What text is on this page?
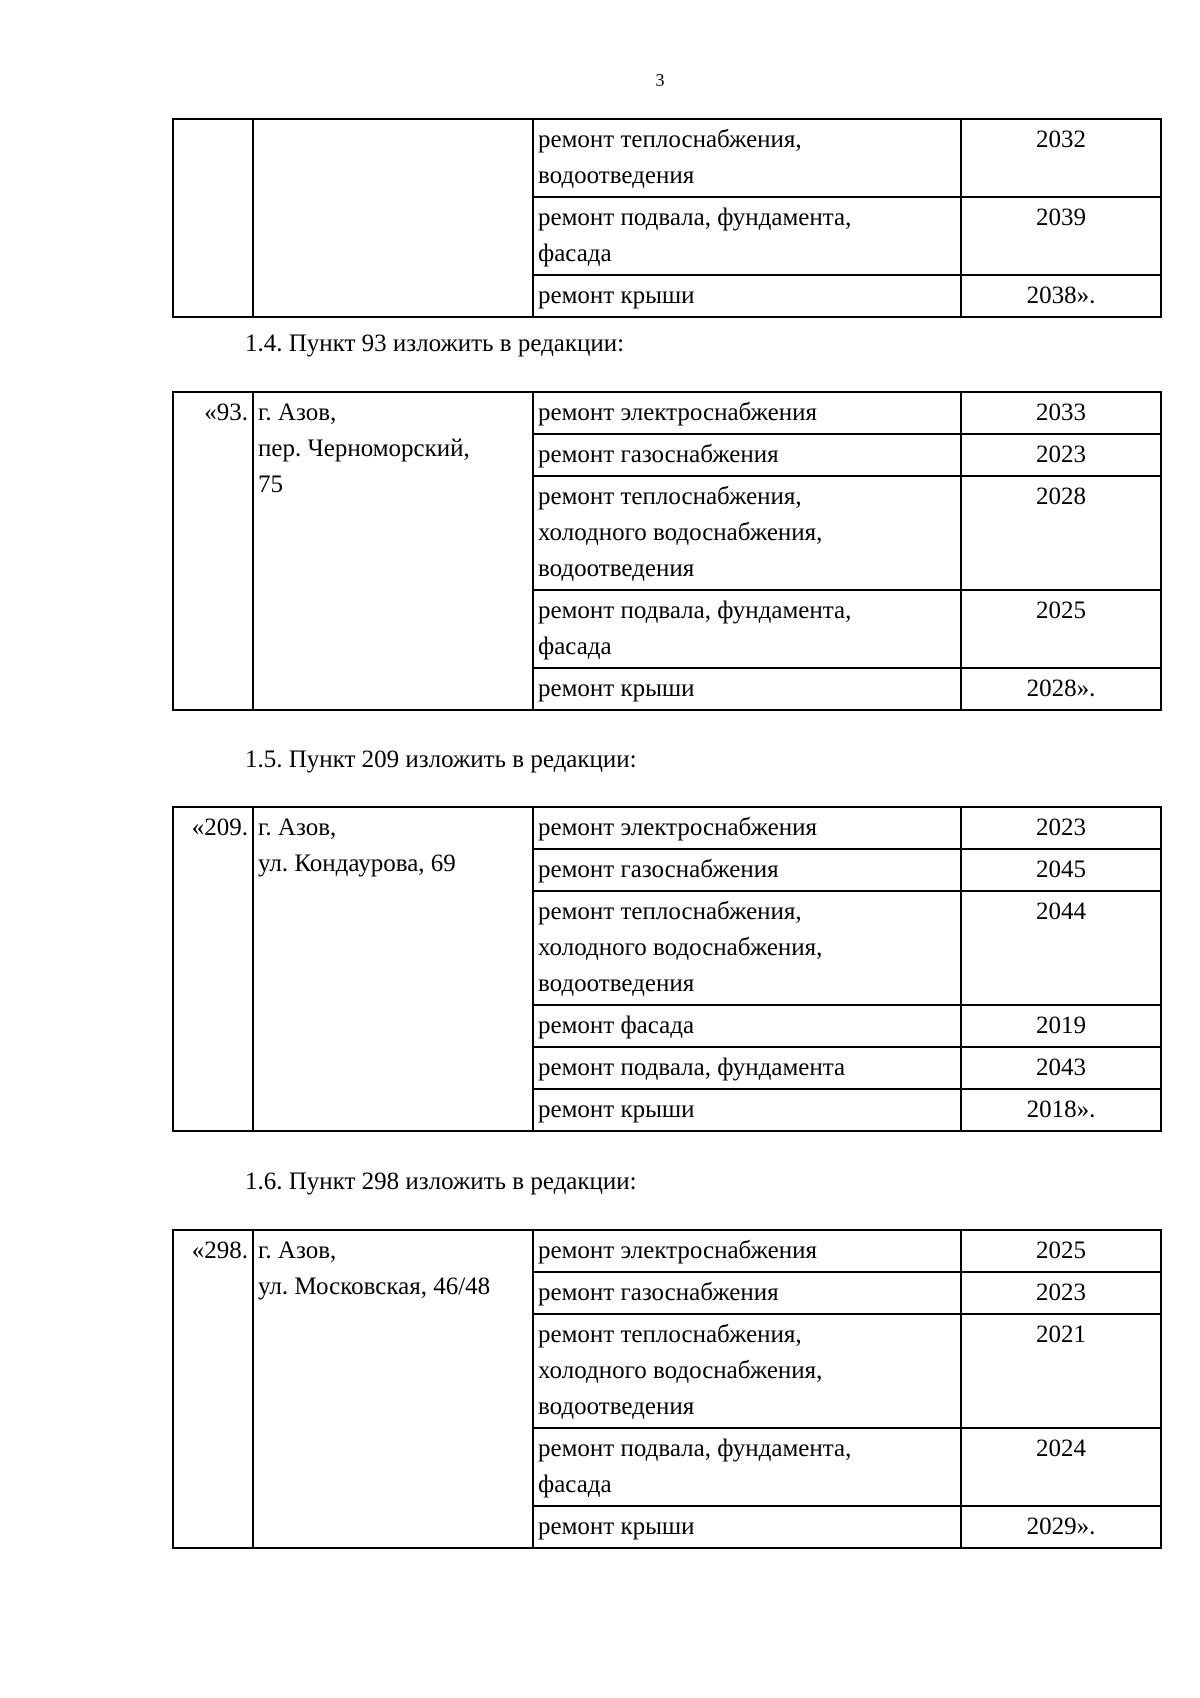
3
		ремонт теплоснабжения,
водоотведения	2032
		ремонт подвала, фундамента,
фасада	2039
		ремонт крыши	2038».
1.4. Пункт 93 изложить в редакции:
«93.	г. Азов,
пер. Черноморский,
75	ремонт электроснабжения	2033
		ремонт газоснабжения	2023
		ремонт теплоснабжения,
холодного водоснабжения,
водоотведения	2028
		ремонт подвала, фундамента,
фасада	2025
		ремонт крыши	2028».
1.5. Пункт 209 изложить в редакции:
«209.	г. Азов,
ул. Кондаурова, 69	ремонт электроснабжения	2023
		ремонт газоснабжения	2045
		ремонт теплоснабжения,
холодного водоснабжения,
водоотведения	2044
		ремонт фасада	2019
		ремонт подвала, фундамента	2043
		ремонт крыши	2018».
1.6. Пункт 298 изложить в редакции:
«298.	г. Азов,
ул. Московская, 46/48	ремонт электроснабжения	2025
		ремонт газоснабжения	2023
		ремонт теплоснабжения,
холодного водоснабжения,
водоотведения	2021
		ремонт подвала, фундамента,
фасада	2024
		ремонт крыши	2029».
